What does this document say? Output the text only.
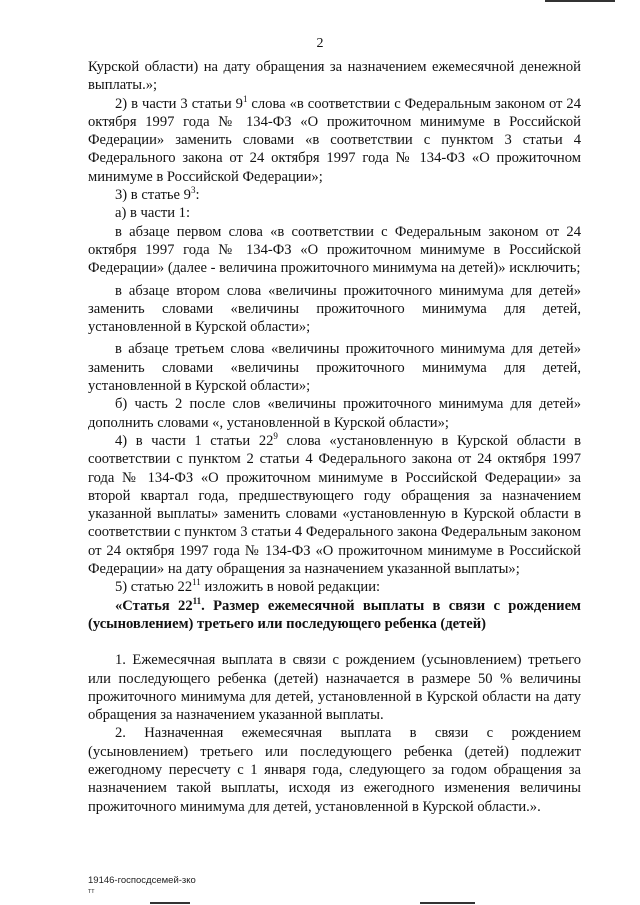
2

Курской области) на дату обращения за назначением ежемесячной денежной выплаты.»;

2) в части 3 статьи $9^1$ слова «в соответствии с Федеральным законом от 24 октября 1997 года № 134-ФЗ «О прожиточном минимуме в Российской Федерации» заменить словами «в соответствии с пунктом 3 статьи 4 Федерального закона от 24 октября 1997 года № 134-ФЗ «О прожиточном минимуме в Российской Федерации»;

3) в статье $9^3$:

а) в части 1:

в абзаце первом слова «в соответствии с Федеральным законом от 24 октября 1997 года № 134-ФЗ «О прожиточном минимуме в Российской Федерации» (далее - величина прожиточного минимума на детей)» исключить;

в абзаце втором слова «величины прожиточного минимума для детей» заменить словами «величины прожиточного минимума для детей, установленной в Курской области»;

в абзаце третьем слова «величины прожиточного минимума для детей» заменить словами «величины прожиточного минимума для детей, установленной в Курской области»;

б) часть 2 после слов «величины прожиточного минимума для детей» дополнить словами «, установленной в Курской области»;

4) в части 1 статьи $22^9$ слова «установленную в Курской области в соответствии с пунктом 2 статьи 4 Федерального закона от 24 октября 1997 года № 134-ФЗ «О прожиточном минимуме в Российской Федерации» за второй квартал года, предшествующего году обращения за назначением указанной выплаты» заменить словами «установленную в Курской области в соответствии с пунктом 3 статьи 4 Федерального закона Федеральным законом от 24 октября 1997 года № 134-ФЗ «О прожиточном минимуме в Российской Федерации» на дату обращения за назначением указанной выплаты»;

5) статью $22^{11}$ изложить в новой редакции:

«Статья $22^{11}$. Размер ежемесячной выплаты в связи с рождением (усыновлением) третьего или последующего ребенка (детей)

1. Ежемесячная выплата в связи с рождением (усыновлением) третьего или последующего ребенка (детей) назначается в размере 50 % величины прожиточного минимума для детей, установленной в Курской области на дату обращения за назначением указанной выплаты.

2. Назначенная ежемесячная выплата в связи с рождением (усыновлением) третьего или последующего ребенка (детей) подлежит ежегодному пересчету с 1 января года, следующего за годом обращения за назначением такой выплаты, исходя из ежегодного изменения величины прожиточного минимума для детей, установленной в Курской области.».

19146-госпосдсемей-зко
тт
